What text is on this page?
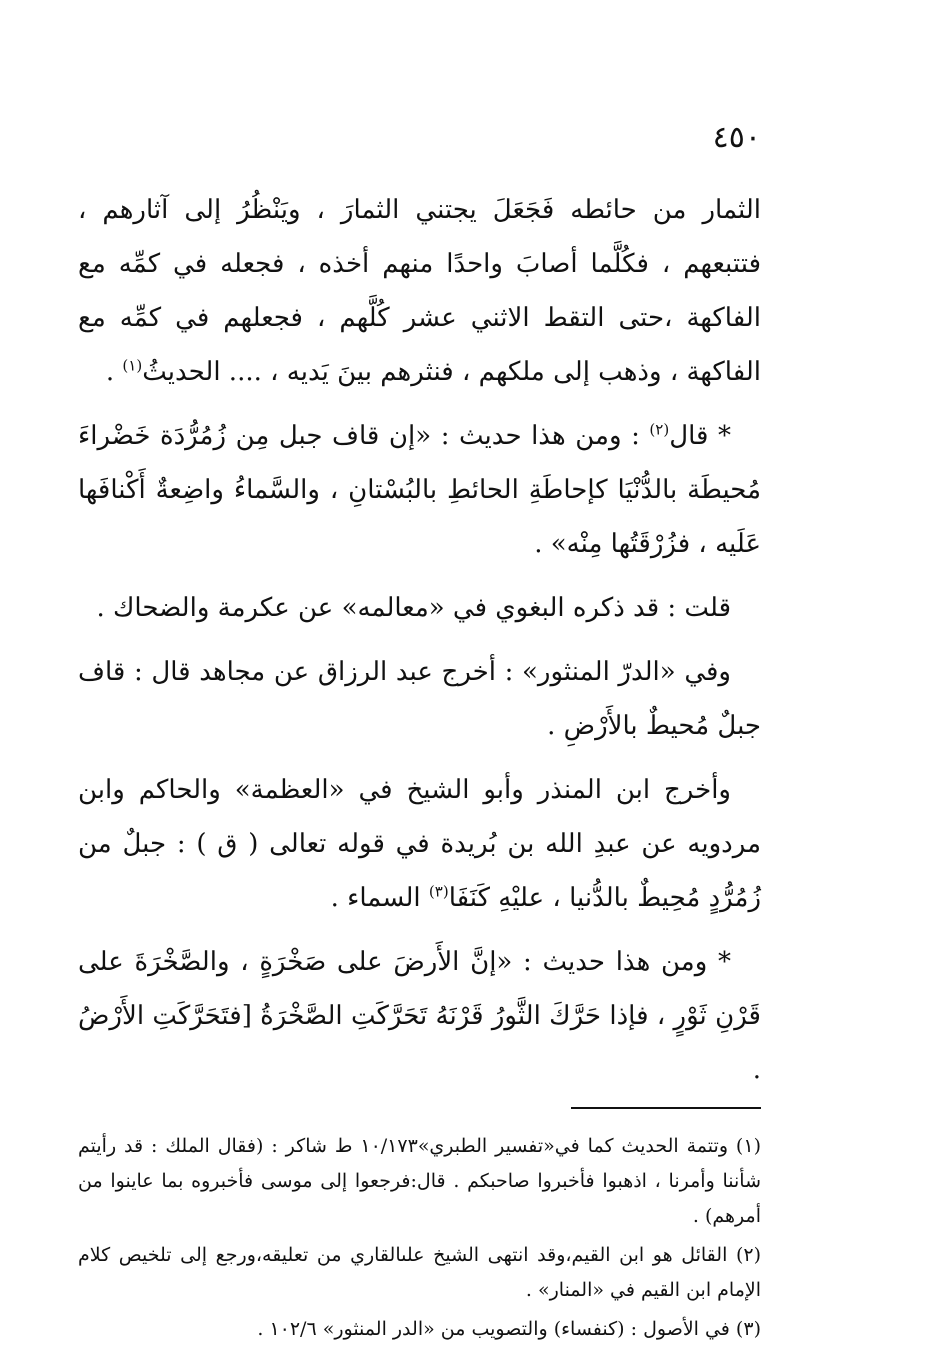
٤٥٠

الثمار من حائطه فَجَعَلَ يجتني الثمارَ ، ويَنْظُرُ إلى آثارهم ، فتتبعهم ، فكُلَّما أصابَ واحدًا منهم أخذه ، فجعله في كمِّه مع الفاكهة ،حتى التقط الاثني عشر كُلَّهم ، فجعلهم في كمِّه مع الفاكهة ، وذهب إلى ملكهم ، فنثرهم بينَ يَديه ، .... الحديثُ$^{(١)}$ .

* قال$^{(٢)}$ : ومن هذا حديث : «إن قاف جبل مِن زُمُرُّدَة خَضْراءَ مُحيطَة بالدُّنْيَا كإحاطَةِ الحائطِ بالبُسْتانِ ، والسَّماءُ واضِعةٌ أَكْنافَها عَلَيه ، فزُرْقَتُها مِنْه» .

قلت : قد ذكره البغوي في «معالمه» عن عكرمة والضحاك .

وفي «الدرّ المنثور» : أخرج عبد الرزاق عن مجاهد قال : قاف جبلٌ مُحيطٌ بالأَرْضِ .

وأخرج ابن المنذر وأبو الشيخ في «العظمة» والحاكم وابن مردويه عن عبدِ الله بن بُريدة في قوله تعالى ( ق ) : جبلٌ من زُمُرُّدٍ مُحِيطٌ بالدُّنيا ، عليْهِ كَنَفَا$^{(٣)}$ السماء .

* ومن هذا حديث : «إنَّ الأَرضَ على صَخْرَةٍ ، والصَّخْرَةَ على قَرْنِ ثَوْرٍ ، فإذا حَرَّكَ الثَّورُ قَرْنَهُ تَحَرَّكَتِ الصَّخْرَةُ [فتَحَرَّكَتِ الأَرْضُ .

(١) وتتمة الحديث كما في«تفسير الطبري»١٠/١٧٣ ط شاكر : (فقال الملك : قد رأيتم شأننا وأمرنا ، اذهبوا فأخبروا صاحبكم . قال:فرجعوا إلى موسى فأخبروه بما عاينوا من أمرهم) .

(٢) القائل هو ابن القيم،وقد انتهى الشيخ علىالقاري من تعليقه،ورجع إلى تلخيص كلام الإمام ابن القيم في «المنار» .

(٣) في الأصول : (كنفساء) والتصويب من «الدر المنثور» ١٠٢/٦ .
